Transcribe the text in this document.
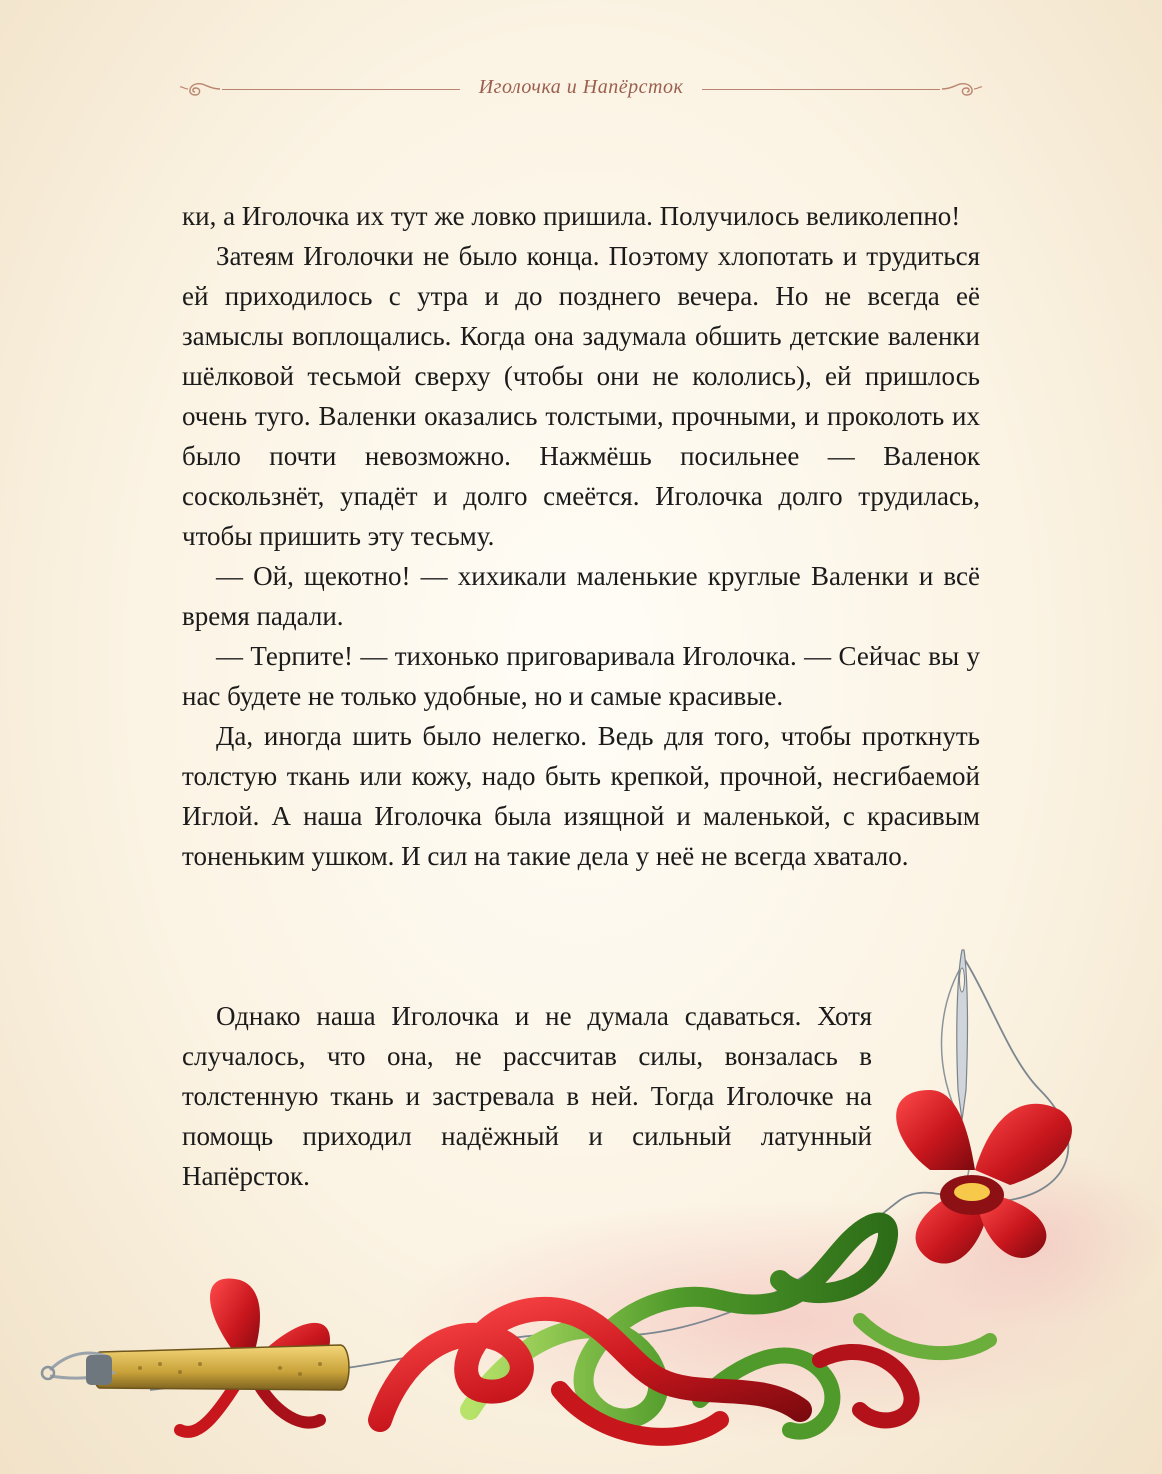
Иголочка и Напёрсток

ки, а Иголочка их тут же ловко пришила. Получилось великолепно!

Затеям Иголочки не было конца. Поэтому хлопотать и трудиться ей приходилось с утра и до позднего вечера. Но не всегда её замыслы воплощались. Когда она задумала обшить детские валенки шёлковой тесьмой сверху (чтобы они не кололись), ей пришлось очень туго. Валенки оказались толстыми, прочными, и проколоть их было почти невозможно. Нажмёшь посильнее — Валенок соскользнёт, упадёт и долго смеётся. Иголочка долго трудилась, чтобы пришить эту тесьму.

— Ой, щекотно! — хихикали маленькие круглые Валенки и всё время падали.

— Терпите! — тихонько приговаривала Иголочка. — Сейчас вы у нас будете не только удобные, но и самые красивые.

Да, иногда шить было нелегко. Ведь для того, чтобы проткнуть толстую ткань или кожу, надо быть крепкой, прочной, несгибаемой Иглой. А наша Иголочка была изящной и маленькой, с красивым тоненьким ушком. И сил на такие дела у неё не всегда хватало.

Однако наша Иголочка и не думала сдаваться. Хотя случалось, что она, не рассчитав силы, вонзалась в толстенную ткань и застревала в ней. Тогда Иголочке на помощь приходил надёжный и сильный латунный Напёрсток.
